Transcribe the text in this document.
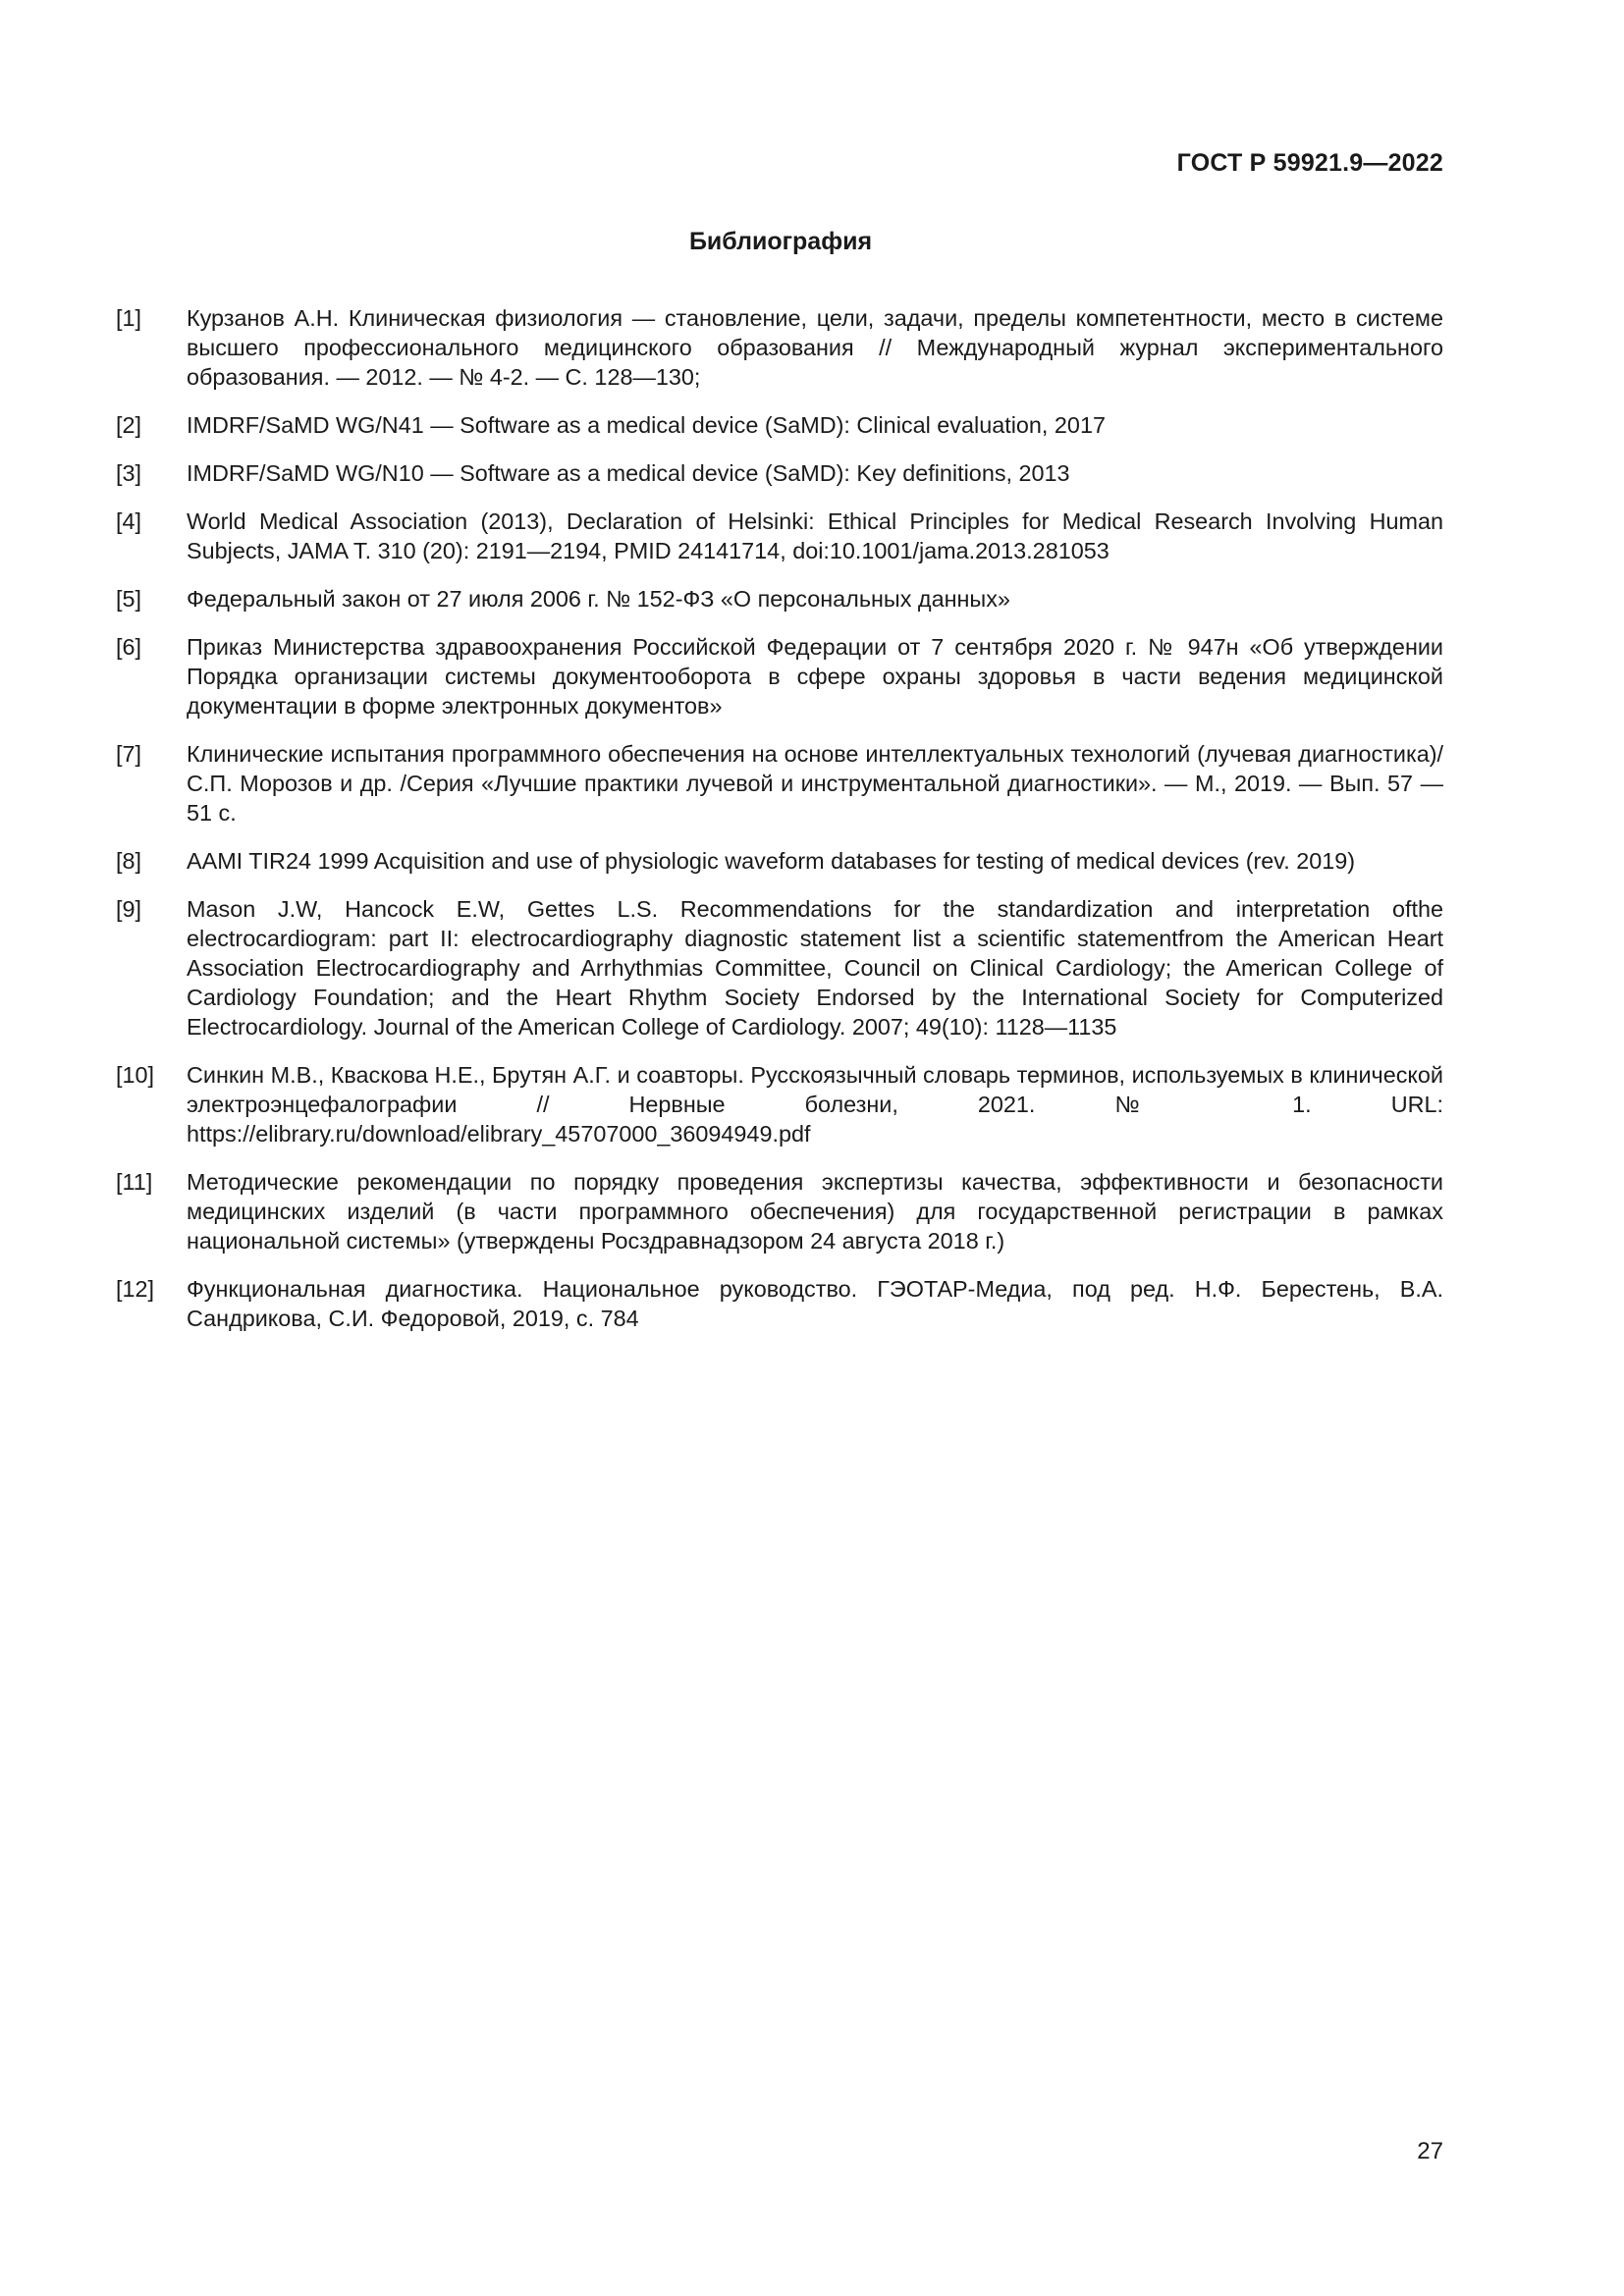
ГОСТ Р 59921.9—2022
Библиография
[1] Курзанов А.Н. Клиническая физиология — становление, цели, задачи, пределы компетентности, место в системе высшего профессионального медицинского образования // Международный журнал экспериментального образования. — 2012. — № 4-2. — С. 128—130;
[2] IMDRF/SaMD WG/N41 — Software as a medical device (SaMD): Clinical evaluation, 2017
[3] IMDRF/SaMD WG/N10 — Software as a medical device (SaMD): Key definitions, 2013
[4] World Medical Association (2013), Declaration of Helsinki: Ethical Principles for Medical Research Involving Human Subjects, JAMA T. 310 (20): 2191—2194, PMID 24141714, doi:10.1001/jama.2013.281053
[5] Федеральный закон от 27 июля 2006 г. № 152-ФЗ «О персональных данных»
[6] Приказ Министерства здравоохранения Российской Федерации от 7 сентября 2020 г. № 947н «Об утверждении Порядка организации системы документооборота в сфере охраны здоровья в части ведения медицинской документации в форме электронных документов»
[7] Клинические испытания программного обеспечения на основе интеллектуальных технологий (лучевая диагностика)/С.П. Морозов и др. /Серия «Лучшие практики лучевой и инструментальной диагностики». — М., 2019. — Вып. 57 — 51 с.
[8] AAMI TIR24 1999 Acquisition and use of physiologic waveform databases for testing of medical devices (rev. 2019)
[9] Mason J.W, Hancock E.W, Gettes L.S. Recommendations for the standardization and interpretation ofthe electrocardiogram: part II: electrocardiography diagnostic statement list a scientific statementfrom the American Heart Association Electrocardiography and Arrhythmias Committee, Council on Clinical Cardiology; the American College of Cardiology Foundation; and the Heart Rhythm Society Endorsed by the International Society for Computerized Electrocardiology. Journal of the American College of Cardiology. 2007; 49(10): 1128—1135
[10] Синкин М.В., Кваскова Н.Е., Брутян А.Г. и соавторы. Русскоязычный словарь терминов, используемых в клинической электроэнцефалографии // Нервные болезни, 2021. № 1. URL: https://elibrary.ru/download/elibrary_45707000_36094949.pdf
[11] Методические рекомендации по порядку проведения экспертизы качества, эффективности и безопасности медицинских изделий (в части программного обеспечения) для государственной регистрации в рамках национальной системы» (утверждены Росздравнадзором 24 августа 2018 г.)
[12] Функциональная диагностика. Национальное руководство. ГЭОТАР-Медиа, под ред. Н.Ф. Берестень, В.А. Сандрикова, С.И. Федоровой, 2019, с. 784
27
